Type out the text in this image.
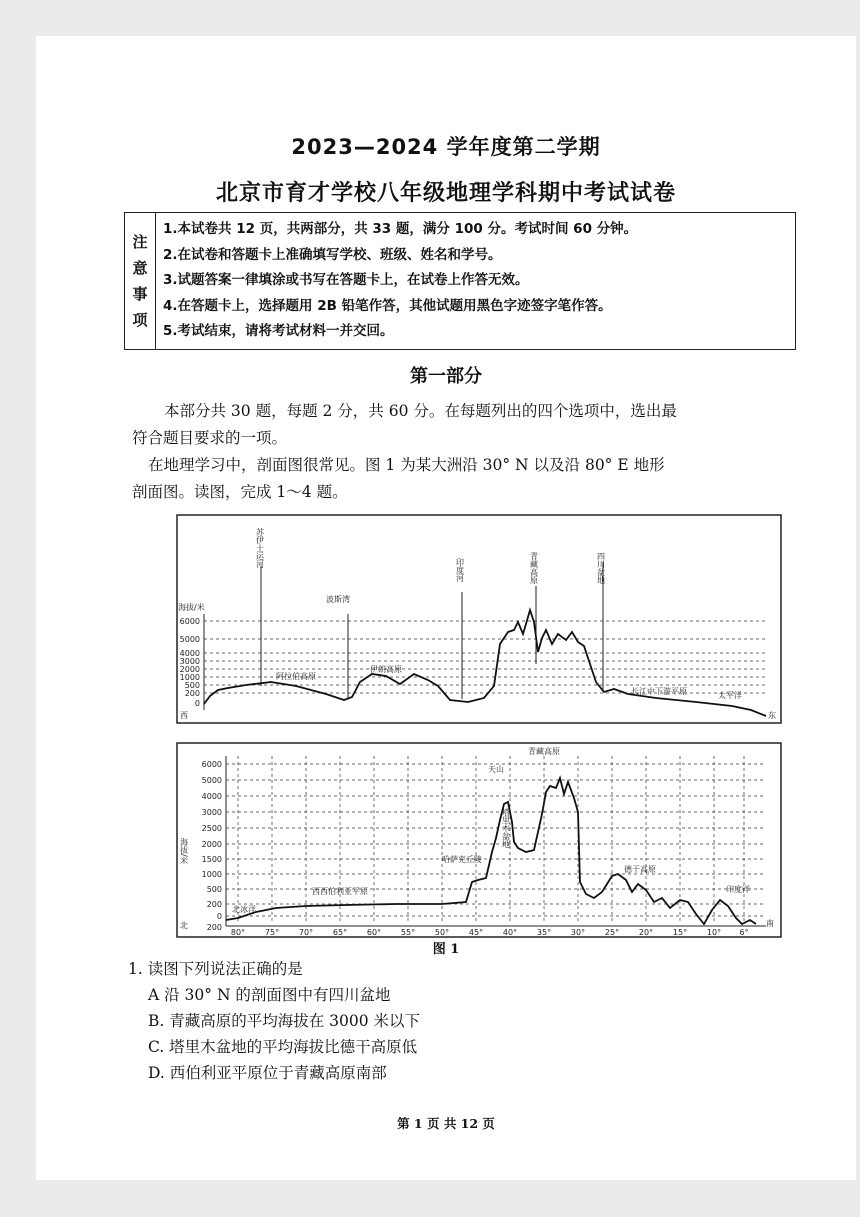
2023—2024 学年度第二学期
北京市育才学校八年级地理学科期中考试试卷
注
意
事
项
1.本试卷共 12 页，共两部分，共 33 题，满分 100 分。考试时间 60 分钟。
2.在试卷和答题卡上准确填写学校、班级、姓名和学号。
3.试题答案一律填涂或书写在答题卡上，在试卷上作答无效。
4.在答题卡上，选择题用 2B 铅笔作答，其他试题用黑色字迹签字笔作答。
5.考试结束，请将考试材料一并交回。
第一部分
本部分共 30 题，每题 2 分，共 60 分。在每题列出的四个选项中，选出最
符合题目要求的一项。
在地理学习中，剖面图很常见。图 1 为某大洲沿 30° N 以及沿 80° E 地形
剖面图。读图，完成 1～4 题。
海拔/米
6000
5000
4000
3000
2000
1000
500
200
0
西	东
苏伊士运河
波斯湾
印度河	青藏高原	四川盆地
阿拉伯高原
伊朗高原
长江中下游平原	太平洋
海拔/米
6000
5000
4000
3000
2500
2000
1500
1000
500
200
0
200
北	南
80° 75° 70° 65° 60° 55° 50° 45° 40° 35° 30° 25° 20° 15° 10° 6°
青藏高原
北冰洋
西西伯利亚平原
哈萨克丘陵
天山
塔里木盆地
德干高原
印度洋
图 1
1. 读图下列说法正确的是
A 沿 30° N 的剖面图中有四川盆地
B. 青藏高原的平均海拔在 3000 米以下
C. 塔里木盆地的平均海拔比德干高原低
D. 西伯利亚平原位于青藏高原南部
第 1 页 共 12 页
